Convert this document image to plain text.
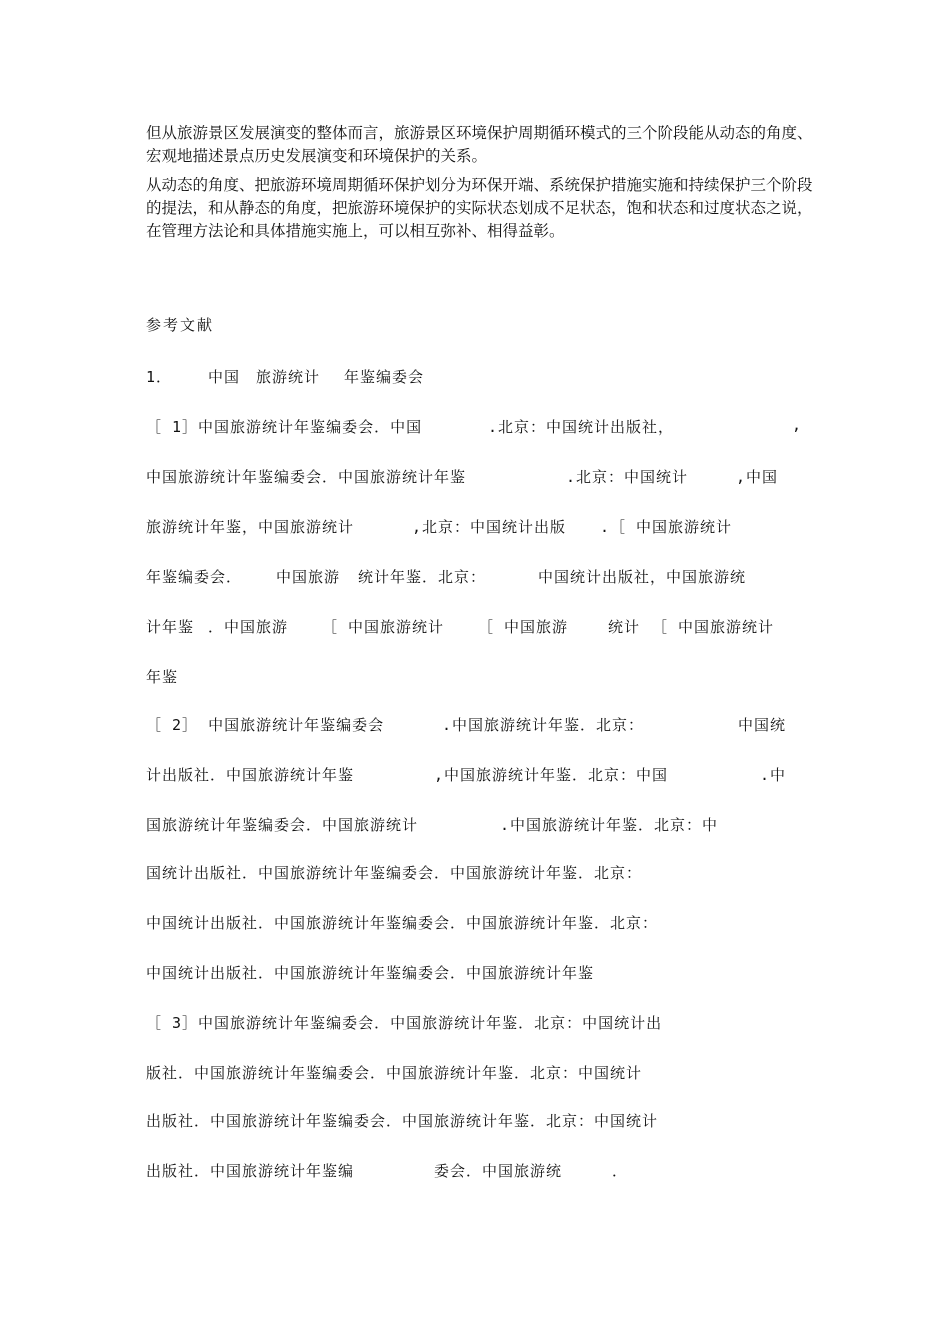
但从旅游景区发展演变的整体而言，旅游景区环境保护周期循环模式的三个阶段能从动态的角度、宏观地描述景点历史发展演变和环境保护的关系。

从动态的角度、把旅游环境周期循环保护划分为环保开端、系统保护措施实施和持续保护三个阶段的提法，和从静态的角度，把旅游环境保护的实际状态划成不足状态，饱和状态和过度状态之说，在管理方法论和具体措施实施上，可以相互弥补、相得益彰。

参考文献

1．

中国

旅游统计

年鉴编委会

［ 1］中国旅游统计年鉴编委会．中国

	.北京：中国统计出版社，

	,

中国旅游统计年鉴编委会．中国旅游统计年鉴

	.北京：中国统计

	,中国

旅游统计年鉴，中国旅游统计

	,北京：中国统计出版

.［ 中国旅游统计

年鉴编委会．

中国旅游

统计年鉴．北京：

	中国

统计出版社，中国旅游统

计年鉴

．中国旅游

［ 中国旅游统计

［ 中国旅游

	统计

［ 中国旅游统计

年鉴

［ 2］ 中国旅游统计年鉴编委会

	.中国旅游统计年鉴．北京：

	中国统

计出版社．中国旅游统计年鉴

	,中国旅游统计年鉴．北京：中国

	.中

国旅游统计年鉴编委会．中国旅游统计

	.中国旅游统计年鉴．北京：中

国统计出版社．中国旅游统计年鉴编委会．中国旅游统计年鉴．北京：

中国统计出版社．中国旅游统计年鉴编委会．中国旅游统计年鉴．北京：

中国统计出版社．中国旅游统计年鉴编委会．中国旅游统计年鉴

［ 3］中国旅游统计年鉴编委会．中国旅游统计年鉴．北京：中国统计出

版社．中国旅游统计年鉴编委会．中国旅游统计年鉴．北京：中国统计

出版社．中国旅游统计年鉴编委会．中国旅游统计年鉴．北京：中国统计

出版社．中国旅游统计年鉴编

	委会．中国旅游统

	．
